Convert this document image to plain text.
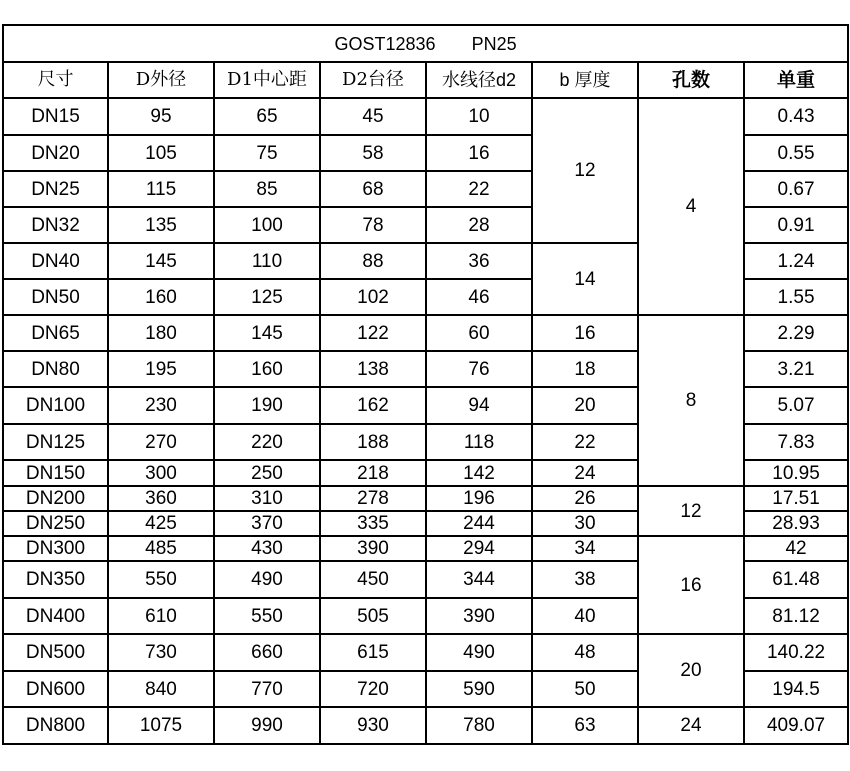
GOST12836 PN25							
尺寸	D外径	D1中心距	D2台径	水线径d2	b 厚度	孔数	单重
DN15	95	65	45	10	12	4	0.43
DN20	105	75	58	16			0.55
DN25	115	85	68	22			0.67
DN32	135	100	78	28			0.91
DN40	145	110	88	36	14		1.24
DN50	160	125	102	46			1.55
DN65	180	145	122	60	16	8	2.29
DN80	195	160	138	76	18		3.21
DN100	230	190	162	94	20		5.07
DN125	270	220	188	118	22		7.83
DN150	300	250	218	142	24		10.95
DN200	360	310	278	196	26	12	17.51
DN250	425	370	335	244	30		28.93
DN300	485	430	390	294	34	16	42
DN350	550	490	450	344	38		61.48
DN400	610	550	505	390	40		81.12
DN500	730	660	615	490	48	20	140.22
DN600	840	770	720	590	50		194.5
DN800	1075	990	930	780	63	24	409.07
